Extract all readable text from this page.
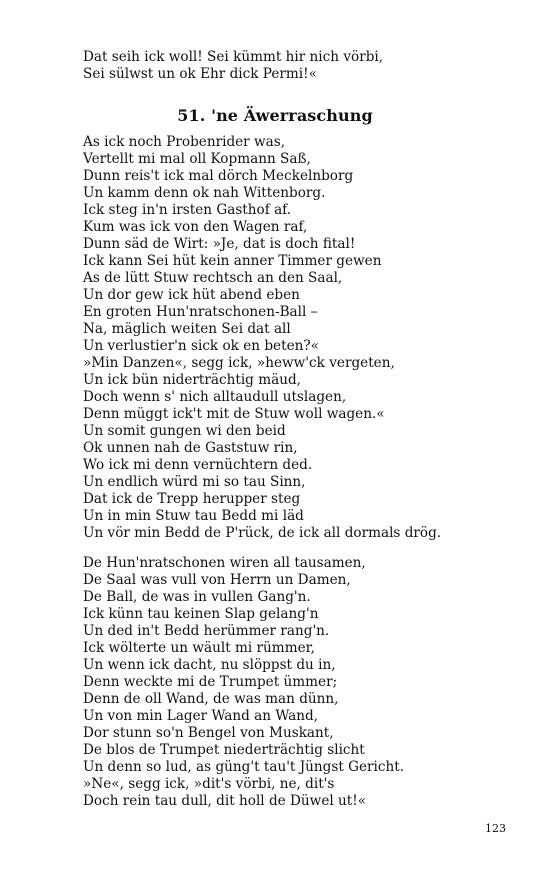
Dat seih ick woll! Sei kümmt hir nich vörbi,
Sei sülwst un ok Ehr dick Permi!«
51. 'ne Äwerraschung
As ick noch Probenrider was,
Vertellt mi mal oll Kopmann Saß,
Dunn reis't ick mal dörch Meckelnborg
Un kamm denn ok nah Wittenborg.
Ick steg in'n irsten Gasthof af.
Kum was ick von den Wagen raf,
Dunn säd de Wirt: »Je, dat is doch fital!
Ick kann Sei hüt kein anner Timmer gewen
As de lütt Stuw rechtsch an den Saal,
Un dor gew ick hüt abend eben
En groten Hun'nratschonen-Ball –
Na, mäglich weiten Sei dat all
Un verlustier'n sick ok en beten?«
»Min Danzen«, segg ick, »heww'ck vergeten,
Un ick bün niderträchtig mäud,
Doch wenn s' nich alltaudull utslagen,
Denn müggt ick't mit de Stuw woll wagen.«
Un somit gungen wi den beid
Ok unnen nah de Gaststuw rin,
Wo ick mi denn vernüchtern ded.
Un endlich würd mi so tau Sinn,
Dat ick de Trepp herupper steg
Un in min Stuw tau Bedd mi läd
Un vör min Bedd de P'rück, de ick all dormals drög.
De Hun'nratschonen wiren all tausamen,
De Saal was vull von Herrn un Damen,
De Ball, de was in vullen Gang'n.
Ick künn tau keinen Slap gelang'n
Un ded in't Bedd herümmer rang'n.
Ick wölterte un wäult mi rümmer,
Un wenn ick dacht, nu slöppst du in,
Denn weckte mi de Trumpet ümmer;
Denn de oll Wand, de was man dünn,
Un von min Lager Wand an Wand,
Dor stunn so'n Bengel von Muskant,
De blos de Trumpet niederträchtig slicht
Un denn so lud, as güng't tau't Jüngst Gericht.
»Ne«, segg ick, »dit's vörbi, ne, dit's
Doch rein tau dull, dit holl de Düwel ut!«
123
